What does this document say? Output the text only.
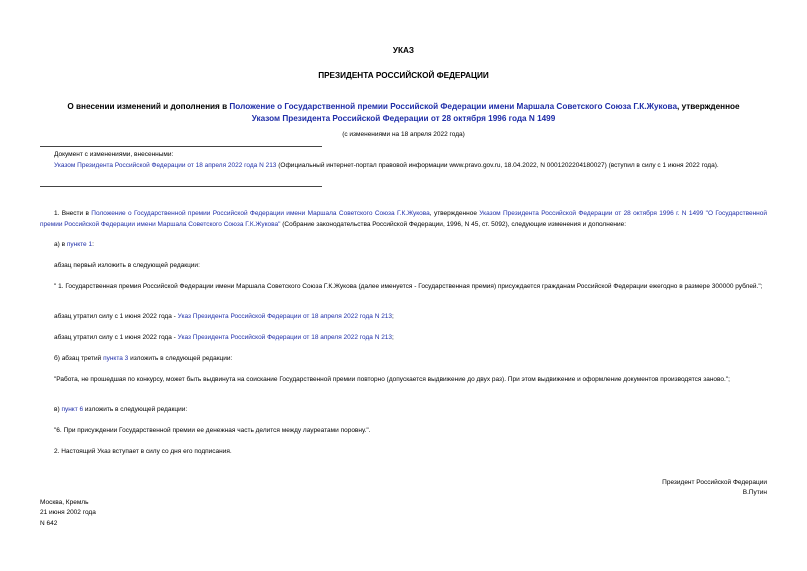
УКАЗ
ПРЕЗИДЕНТА РОССИЙСКОЙ ФЕДЕРАЦИИ
О внесении изменений и дополнения в Положение о Государственной премии Российской Федерации имени Маршала Советского Союза Г.К.Жукова, утвержденное
Указом Президента Российской Федерации от 28 октября 1996 года N 1499
(с изменениями на 18 апреля 2022 года)
Документ с изменениями, внесенными:
Указом Президента Российской Федерации от 18 апреля 2022 года N 213 (Официальный интернет-портал правовой информации www.pravo.gov.ru, 18.04.2022, N 0001202204180027) (вступил в силу с 1 июня 2022 года).
1. Внести в Положение о Государственной премии Российской Федерации имени Маршала Советского Союза Г.К.Жукова, утвержденное Указом Президента Российской Федерации от 28 октября 1996 г. N 1499 "О Государственной премии Российской Федерации имени Маршала Советского Союза Г.К.Жукова" (Собрание законодательства Российской Федерации, 1996, N 45, ст. 5092), следующие изменения и дополнение:
а) в пункте 1:
абзац первый изложить в следующей редакции:
" 1. Государственная премия Российской Федерации имени Маршала Советского Союза Г.К.Жукова (далее именуется - Государственная премия) присуждается гражданам Российской Федерации ежегодно в размере 300000 рублей.";
абзац утратил силу с 1 июня 2022 года - Указ Президента Российской Федерации от 18 апреля 2022 года N 213;
абзац утратил силу с 1 июня 2022 года - Указ Президента Российской Федерации от 18 апреля 2022 года N 213;
б) абзац третий пункта 3 изложить в следующей редакции:
"Работа, не прошедшая по конкурсу, может быть выдвинута на соискание Государственной премии повторно (допускается выдвижение до двух раз). При этом выдвижение и оформление документов производятся заново.";
в) пункт 6 изложить в следующей редакции:
"6. При присуждении Государственной премии ее денежная часть делится между лауреатами поровну.".
2. Настоящий Указ вступает в силу со дня его подписания.
Президент Российской Федерации
В.Путин
Москва, Кремль
21 июня 2002 года
N 642
